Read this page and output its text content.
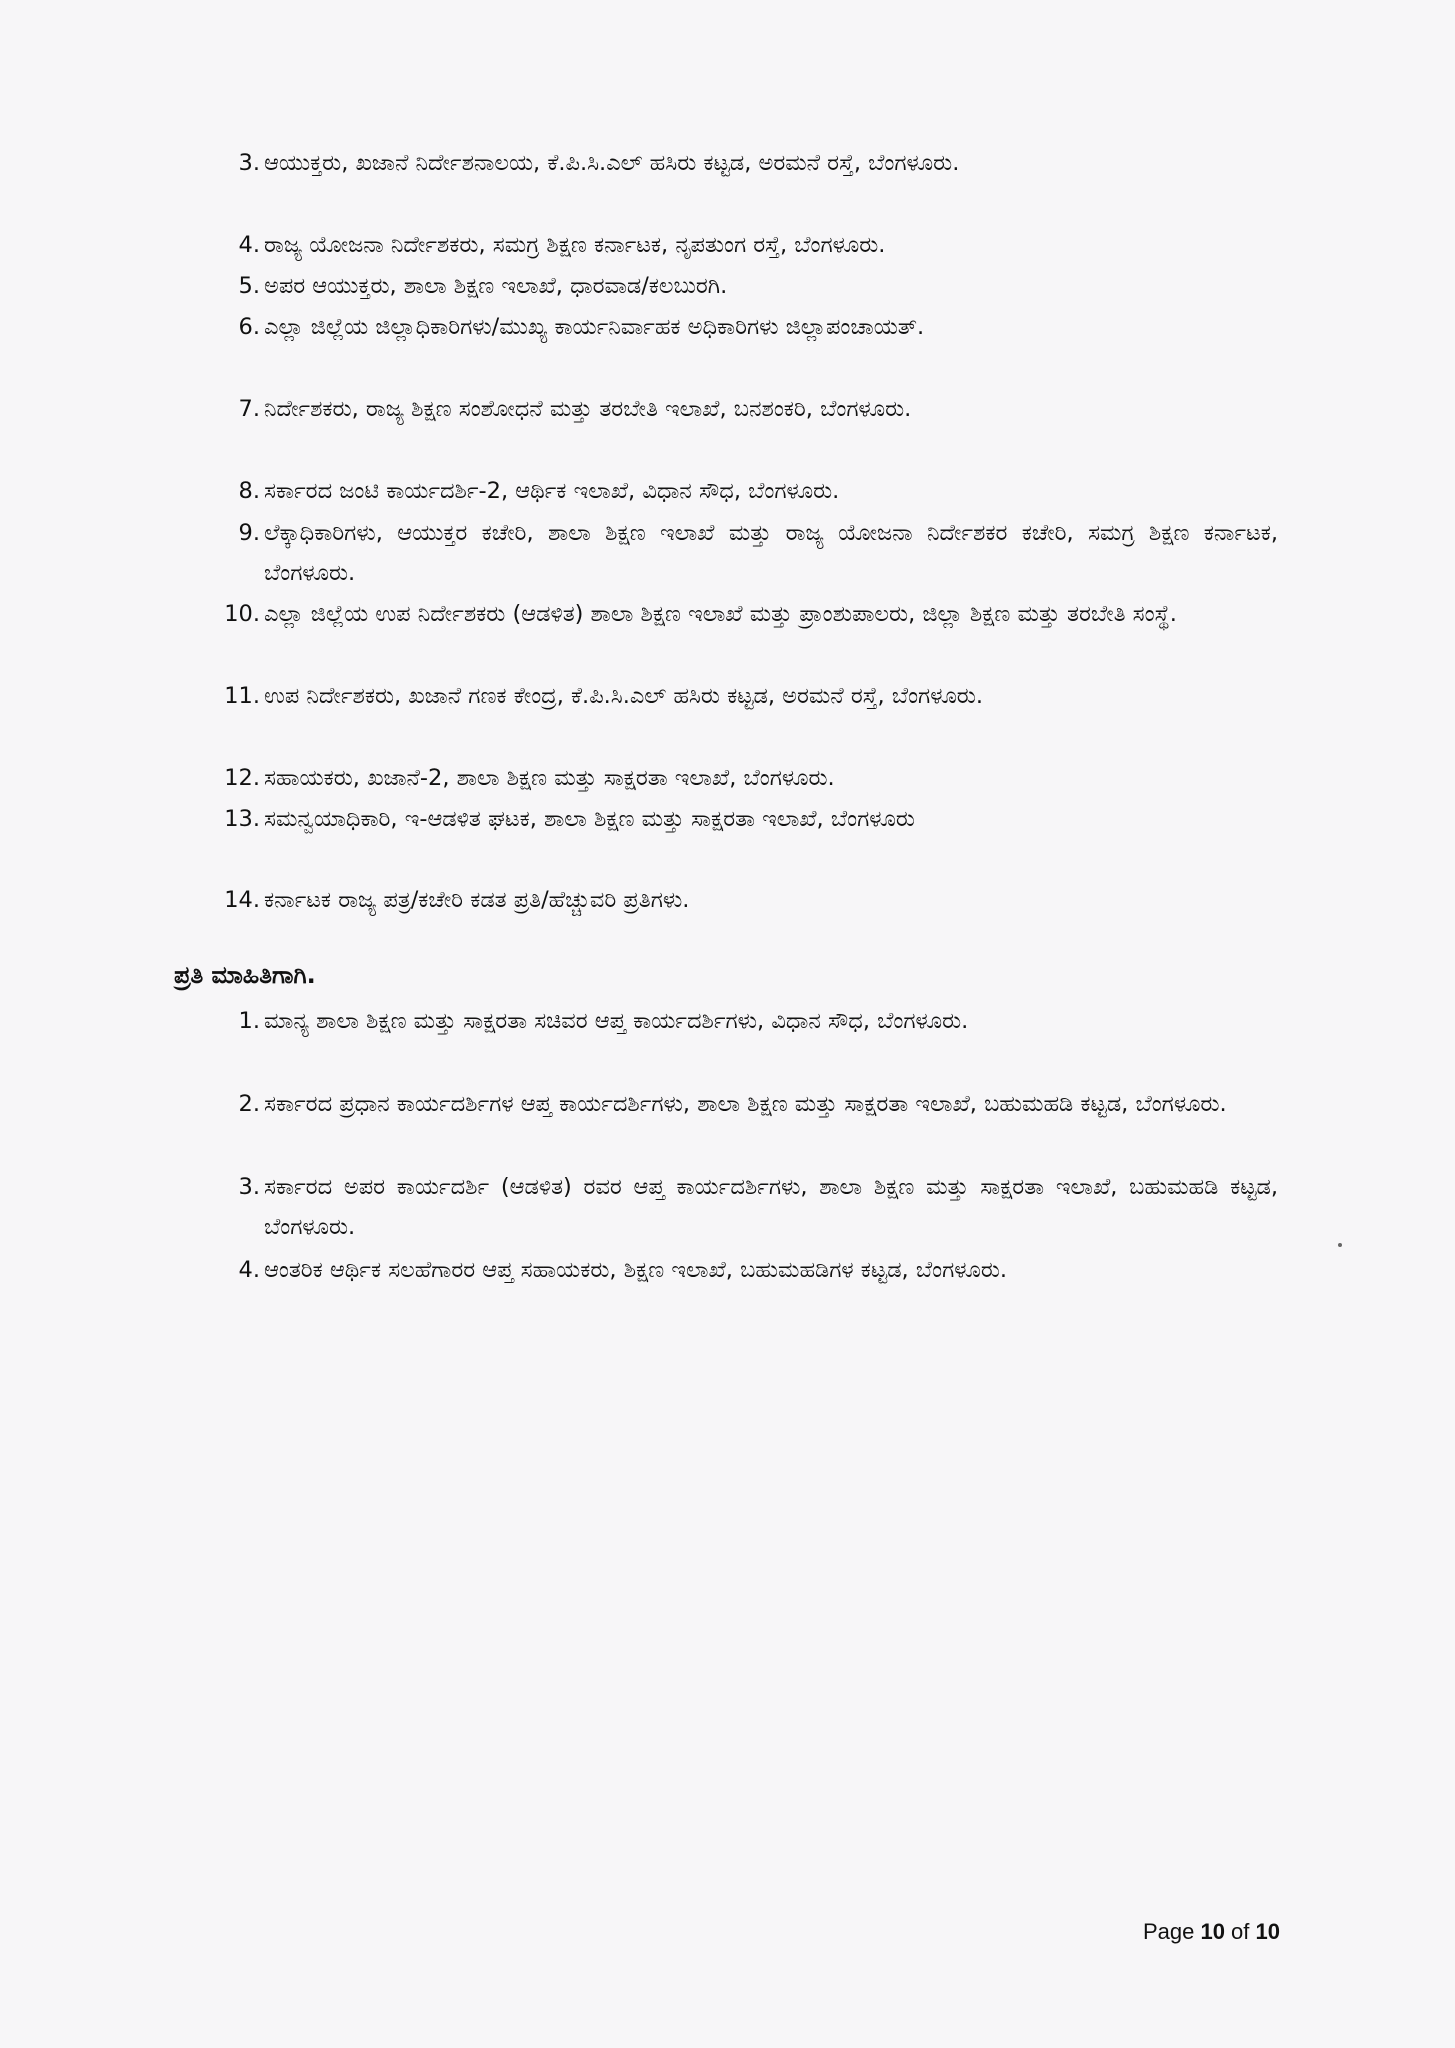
3. ಆಯುಕ್ತರು, ಖಜಾನೆ ನಿರ್ದೇಶನಾಲಯ, ಕೆ.ಪಿ.ಸಿ.ಎಲ್ ಹಸಿರು ಕಟ್ಟಡ, ಅರಮನೆ ರಸ್ತೆ, ಬೆಂಗಳೂರು.
4. ರಾಜ್ಯ ಯೋಜನಾ ನಿರ್ದೇಶಕರು, ಸಮಗ್ರ ಶಿಕ್ಷಣ ಕರ್ನಾಟಕ, ನೃಪತುಂಗ ರಸ್ತೆ, ಬೆಂಗಳೂರು.
5. ಅಪರ ಆಯುಕ್ತರು, ಶಾಲಾ ಶಿಕ್ಷಣ ಇಲಾಖೆ, ಧಾರವಾಡ/ಕಲಬುರಗಿ.
6. ಎಲ್ಲಾ ಜಿಲ್ಲೆಯ ಜಿಲ್ಲಾಧಿಕಾರಿಗಳು/ಮುಖ್ಯ ಕಾರ್ಯನಿರ್ವಾಹಕ ಅಧಿಕಾರಿಗಳು ಜಿಲ್ಲಾಪಂಚಾಯತ್.
7. ನಿರ್ದೇಶಕರು, ರಾಜ್ಯ ಶಿಕ್ಷಣ ಸಂಶೋಧನೆ ಮತ್ತು ತರಬೇತಿ ಇಲಾಖೆ, ಬನಶಂಕರಿ, ಬೆಂಗಳೂರು.
8. ಸರ್ಕಾರದ ಜಂಟಿ ಕಾರ್ಯದರ್ಶಿ-2, ಆರ್ಥಿಕ ಇಲಾಖೆ, ವಿಧಾನ ಸೌಧ, ಬೆಂಗಳೂರು.
9. ಲೆಕ್ಕಾಧಿಕಾರಿಗಳು, ಆಯುಕ್ತರ ಕಚೇರಿ, ಶಾಲಾ ಶಿಕ್ಷಣ ಇಲಾಖೆ ಮತ್ತು ರಾಜ್ಯ ಯೋಜನಾ ನಿರ್ದೇಶಕರ ಕಚೇರಿ, ಸಮಗ್ರ ಶಿಕ್ಷಣ ಕರ್ನಾಟಕ, ಬೆಂಗಳೂರು.
10. ಎಲ್ಲಾ ಜಿಲ್ಲೆಯ ಉಪ ನಿರ್ದೇಶಕರು (ಆಡಳಿತ) ಶಾಲಾ ಶಿಕ್ಷಣ ಇಲಾಖೆ ಮತ್ತು ಪ್ರಾಂಶುಪಾಲರು, ಜಿಲ್ಲಾ ಶಿಕ್ಷಣ ಮತ್ತು ತರಬೇತಿ ಸಂಸ್ಥೆ.
11. ಉಪ ನಿರ್ದೇಶಕರು, ಖಜಾನೆ ಗಣಕ ಕೇಂದ್ರ, ಕೆ.ಪಿ.ಸಿ.ಎಲ್ ಹಸಿರು ಕಟ್ಟಡ, ಅರಮನೆ ರಸ್ತೆ, ಬೆಂಗಳೂರು.
12. ಸಹಾಯಕರು, ಖಜಾನೆ-2, ಶಾಲಾ ಶಿಕ್ಷಣ ಮತ್ತು ಸಾಕ್ಷರತಾ ಇಲಾಖೆ, ಬೆಂಗಳೂರು.
13. ಸಮನ್ವಯಾಧಿಕಾರಿ, ಇ-ಆಡಳಿತ ಘಟಕ, ಶಾಲಾ ಶಿಕ್ಷಣ ಮತ್ತು ಸಾಕ್ಷರತಾ ಇಲಾಖೆ, ಬೆಂಗಳೂರು
14. ಕರ್ನಾಟಕ ರಾಜ್ಯ ಪತ್ರ/ಕಚೇರಿ ಕಡತ ಪ್ರತಿ/ಹೆಚ್ಚುವರಿ ಪ್ರತಿಗಳು.
ಪ್ರತಿ ಮಾಹಿತಿಗಾಗಿ.
1. ಮಾನ್ಯ ಶಾಲಾ ಶಿಕ್ಷಣ ಮತ್ತು ಸಾಕ್ಷರತಾ ಸಚಿವರ ಆಪ್ತ ಕಾರ್ಯದರ್ಶಿಗಳು, ವಿಧಾನ ಸೌಧ, ಬೆಂಗಳೂರು.
2. ಸರ್ಕಾರದ ಪ್ರಧಾನ ಕಾರ್ಯದರ್ಶಿಗಳ ಆಪ್ತ ಕಾರ್ಯದರ್ಶಿಗಳು, ಶಾಲಾ ಶಿಕ್ಷಣ ಮತ್ತು ಸಾಕ್ಷರತಾ ಇಲಾಖೆ, ಬಹುಮಹಡಿ ಕಟ್ಟಡ, ಬೆಂಗಳೂರು.
3. ಸರ್ಕಾರದ ಅಪರ ಕಾರ್ಯದರ್ಶಿ (ಆಡಳಿತ) ರವರ ಆಪ್ತ ಕಾರ್ಯದರ್ಶಿಗಳು, ಶಾಲಾ ಶಿಕ್ಷಣ ಮತ್ತು ಸಾಕ್ಷರತಾ ಇಲಾಖೆ, ಬಹುಮಹಡಿ ಕಟ್ಟಡ, ಬೆಂಗಳೂರು.
4. ಆಂತರಿಕ ಆರ್ಥಿಕ ಸಲಹೆಗಾರರ ಆಪ್ತ ಸಹಾಯಕರು, ಶಿಕ್ಷಣ ಇಲಾಖೆ, ಬಹುಮಹಡಿಗಳ ಕಟ್ಟಡ, ಬೆಂಗಳೂರು.
Page 10 of 10
